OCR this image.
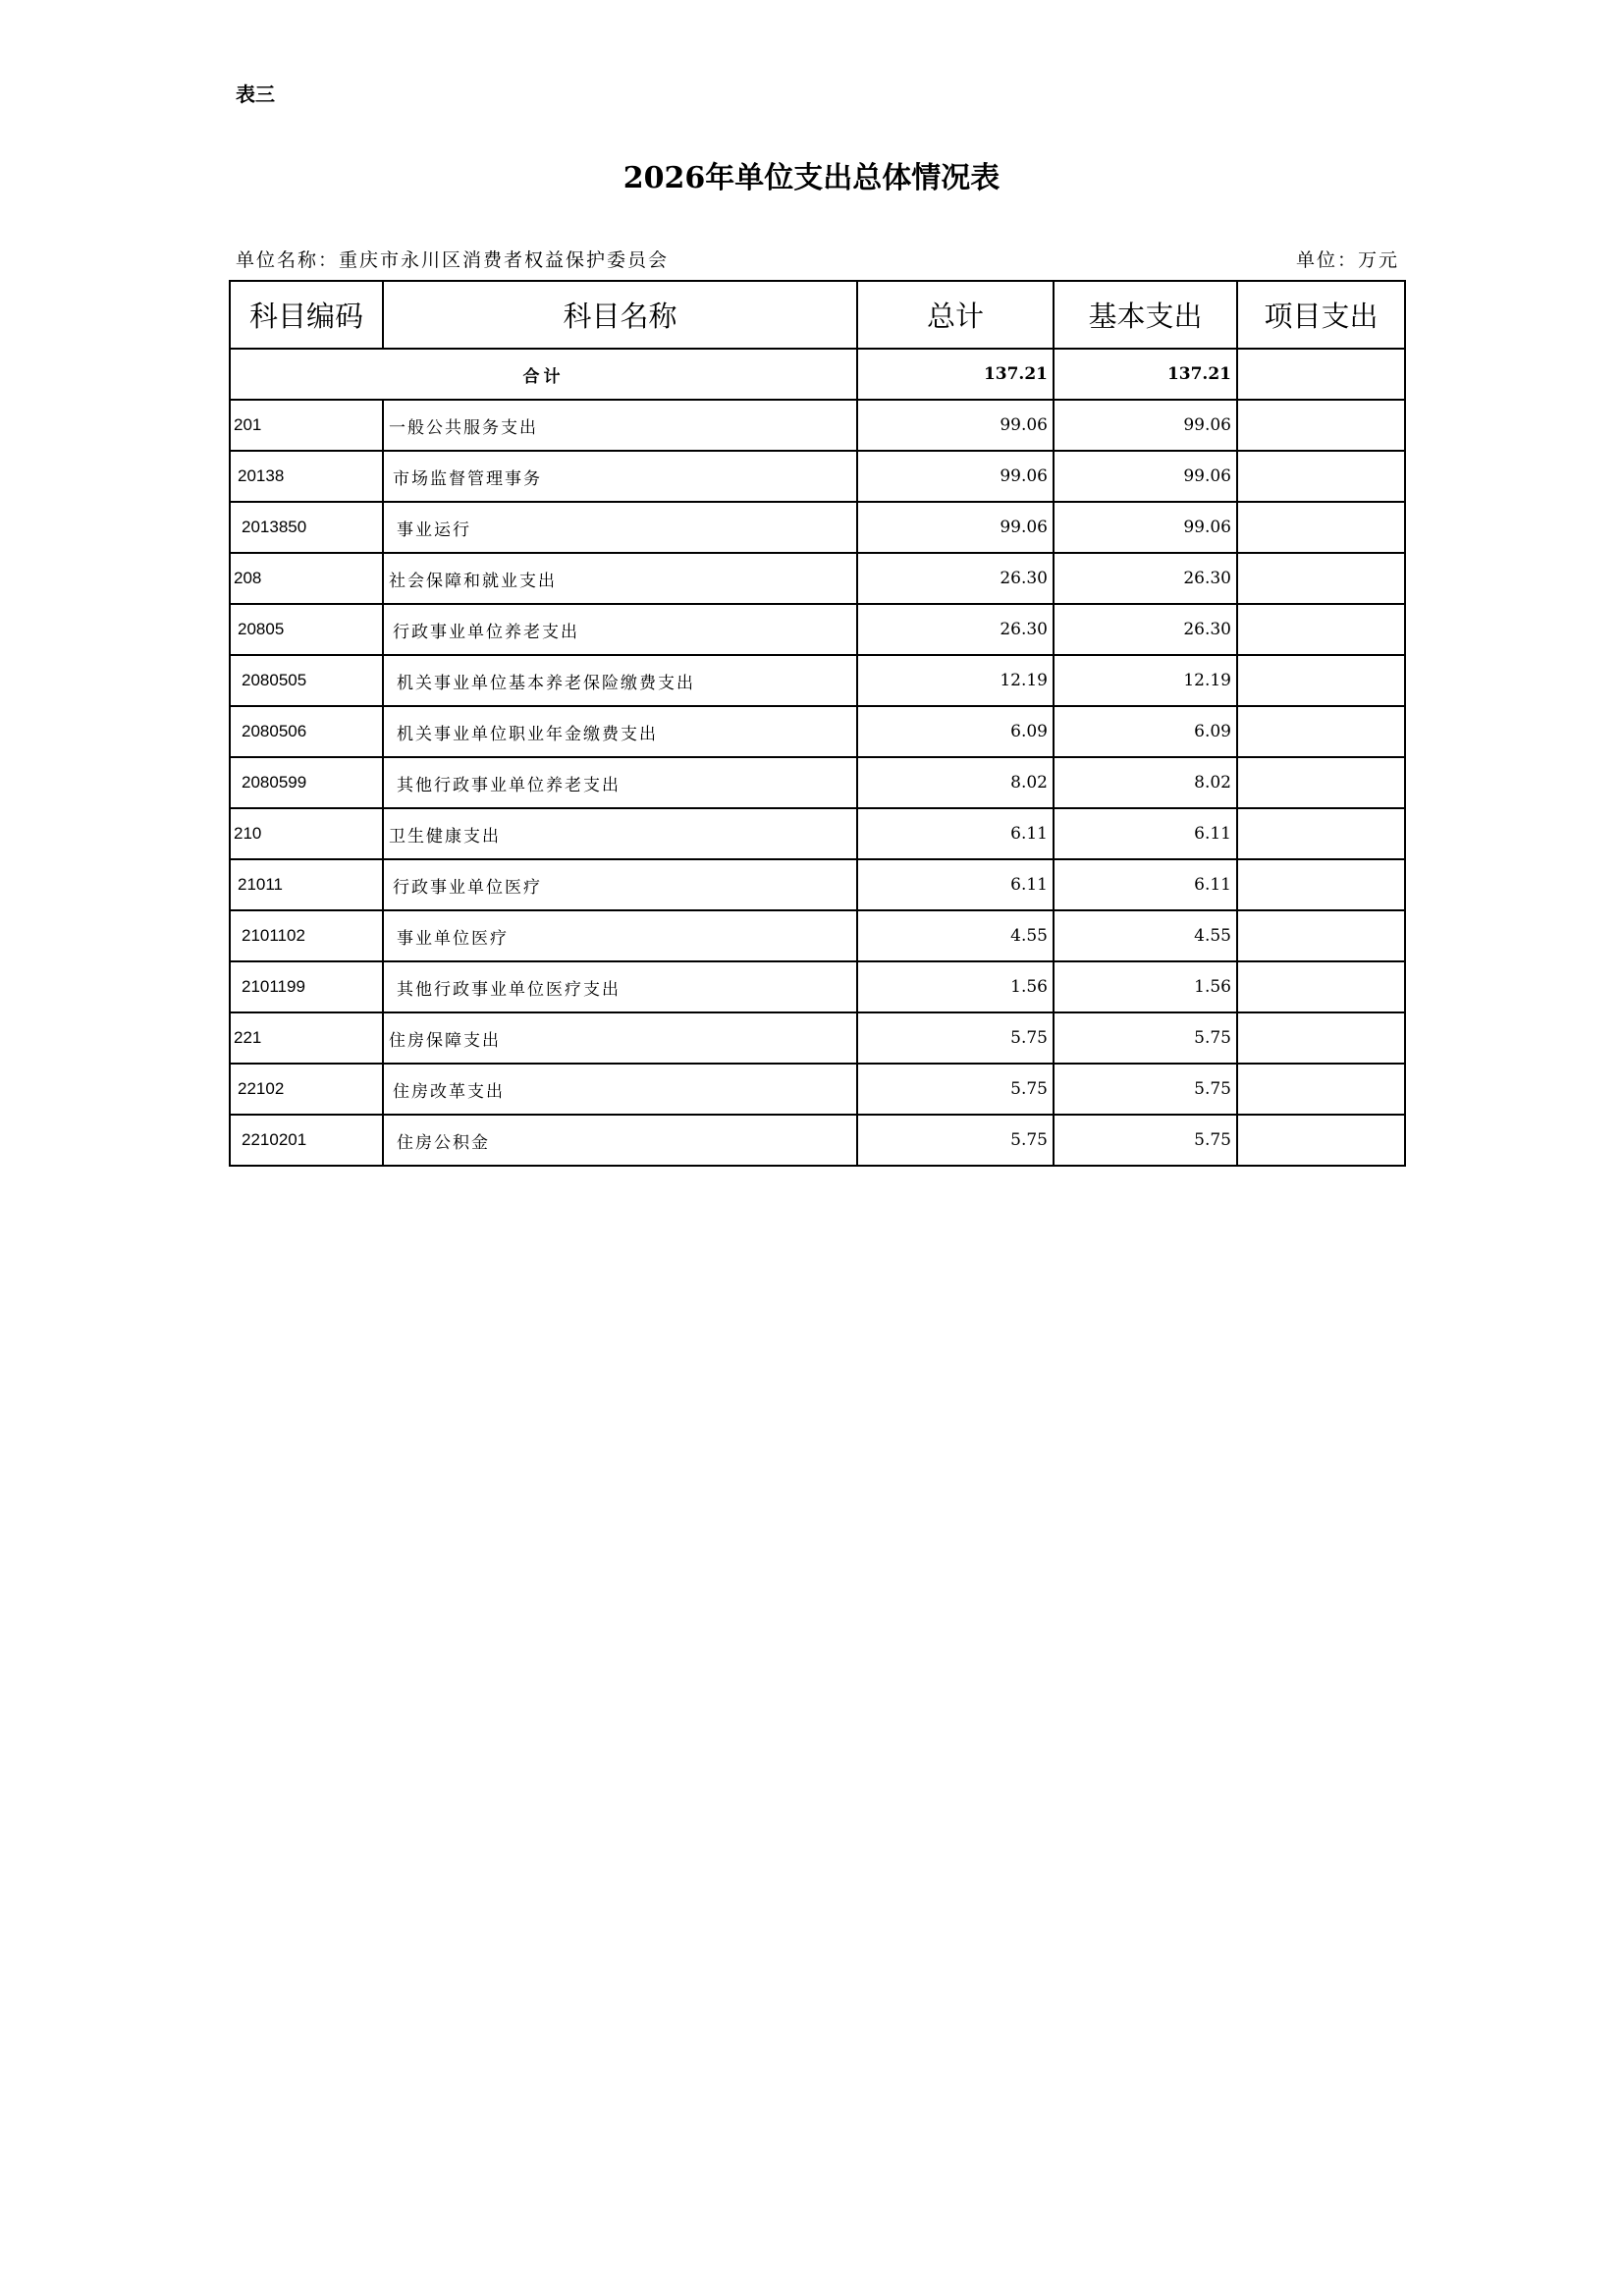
表三
2026年单位支出总体情况表
单位名称：重庆市永川区消费者权益保护委员会	单位：万元
科目编码	科目名称	总计	基本支出	项目支出
合计		137.21	137.21	
201	一般公共服务支出	99.06	99.06	
20138	市场监督管理事务	99.06	99.06	
2013850	事业运行	99.06	99.06	
208	社会保障和就业支出	26.30	26.30	
20805	行政事业单位养老支出	26.30	26.30	
2080505	机关事业单位基本养老保险缴费支出	12.19	12.19	
2080506	机关事业单位职业年金缴费支出	6.09	6.09	
2080599	其他行政事业单位养老支出	8.02	8.02	
210	卫生健康支出	6.11	6.11	
21011	行政事业单位医疗	6.11	6.11	
2101102	事业单位医疗	4.55	4.55	
2101199	其他行政事业单位医疗支出	1.56	1.56	
221	住房保障支出	5.75	5.75	
22102	住房改革支出	5.75	5.75	
2210201	住房公积金	5.75	5.75	
